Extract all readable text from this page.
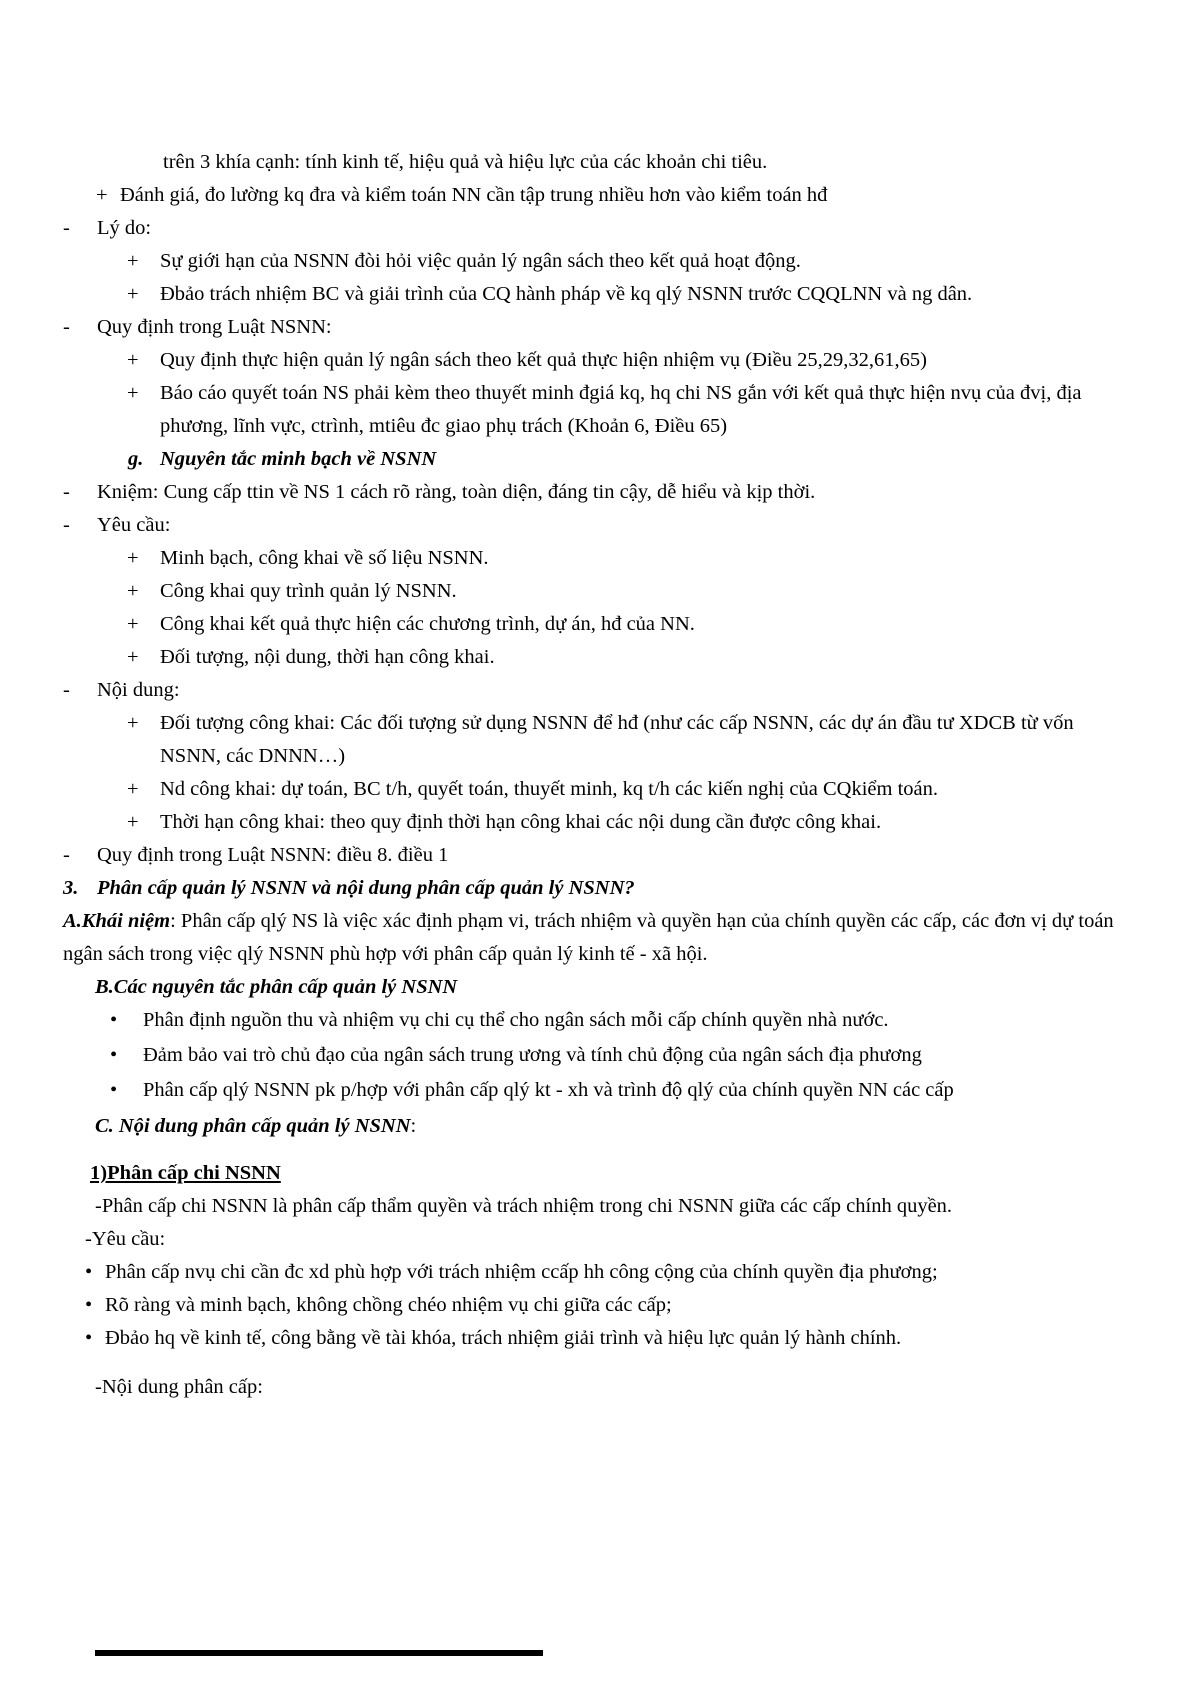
trên 3 khía cạnh: tính kinh tế, hiệu quả và hiệu lực của các khoản chi tiêu.
+ Đánh giá, đo lường kq đra và kiểm toán NN cần tập trung nhiều hơn vào kiểm toán hđ
- Lý do:
+ Sự giới hạn của NSNN đòi hỏi việc quản lý ngân sách theo kết quả hoạt động.
+ Đbảo trách nhiệm BC và giải trình của CQ hành pháp về kq qlý NSNN trước CQQLNN và ng dân.
- Quy định trong Luật NSNN:
+ Quy định thực hiện quản lý ngân sách theo kết quả thực hiện nhiệm vụ (Điều 25,29,32,61,65)
+ Báo cáo quyết toán NS phải kèm theo thuyết minh đgiá kq, hq chi NS gắn với kết quả thực hiện nvụ của đvị, địa phương, lĩnh vực, ctrình, mtiêu đc giao phụ trách (Khoản 6, Điều 65)
g. Nguyên tắc minh bạch về NSNN
- Kniệm: Cung cấp ttin về NS 1 cách rõ ràng, toàn diện, đáng tin cậy, dễ hiểu và kịp thời.
- Yêu cầu:
+ Minh bạch, công khai về số liệu NSNN.
+ Công khai quy trình quản lý NSNN.
+ Công khai kết quả thực hiện các chương trình, dự án, hđ của NN.
+ Đối tượng, nội dung, thời hạn công khai.
- Nội dung:
+ Đối tượng công khai: Các đối tượng sử dụng NSNN để hđ (như các cấp NSNN, các dự án đầu tư XDCB từ vốn NSNN, các DNNN…)
+ Nd công khai: dự toán, BC t/h, quyết toán, thuyết minh, kq t/h các kiến nghị của CQkiểm toán.
+ Thời hạn công khai: theo quy định thời hạn công khai các nội dung cần được công khai.
- Quy định trong Luật NSNN: điều 8. điều 1
3. Phân cấp quản lý NSNN và nội dung phân cấp quản lý NSNN?
A.Khái niệm: Phân cấp qlý NS là việc xác định phạm vi, trách nhiệm và quyền hạn của chính quyền các cấp, các đơn vị dự toán ngân sách trong việc qlý NSNN phù hợp với phân cấp quản lý kinh tế - xã hội.
B.Các nguyên tắc phân cấp quản lý NSNN
• Phân định nguồn thu và nhiệm vụ chi cụ thể cho ngân sách mỗi cấp chính quyền nhà nước.
• Đảm bảo vai trò chủ đạo của ngân sách trung ương và tính chủ động của ngân sách địa phương
• Phân cấp qlý NSNN pk p/hợp với phân cấp qlý kt - xh và trình độ qlý của chính quyền NN các cấp
C. Nội dung phân cấp quản lý NSNN:
1)Phân cấp chi NSNN
-Phân cấp chi NSNN là phân cấp thẩm quyền và trách nhiệm trong chi NSNN giữa các cấp chính quyền.
-Yêu cầu:
• Phân cấp nvụ chi cần đc xd phù hợp với trách nhiệm ccấp hh công cộng của chính quyền địa phương;
• Rõ ràng và minh bạch, không chồng chéo nhiệm vụ chi giữa các cấp;
• Đbảo hq về kinh tế, công bằng về tài khóa, trách nhiệm giải trình và hiệu lực quản lý hành chính.
-Nội dung phân cấp:
